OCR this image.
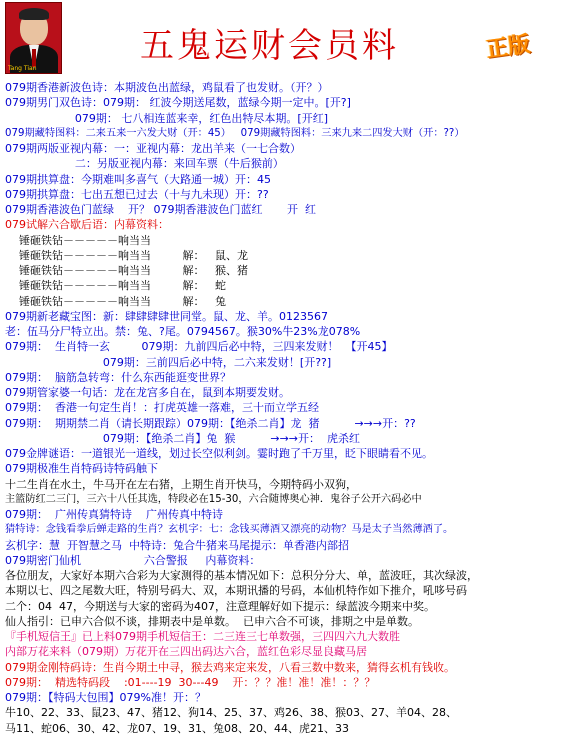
Tang Tian
五鬼运财会员料	正版
079期香港新波色诗：本期波色出蓝绿，鸡鼠看了也发财。（开？）
079期男门双色诗：079期： 红波今期送尾数，蓝绿今期一定中。[开?]
079期： 七八相连蓝来幸，红色出特尽本期。[开红]
079期藏特图料：二来五来一六发大财（开：45）   079期藏特图料：三来九来二四发大财（开：??）
079期两版亚视内幕：一：亚视内幕：龙出羊来（一七合数）
二：另版亚视内幕：来回车票（牛后猴前）
079期拱算盘：今期难叫多喜气（大路通一城）开：45
079期拱算盘：七出五想已过去（十与九未现）开：??
079期香港波色门蓝绿    开？ 079期香港波色门蓝红       开  红
079试解六合歇后语：内幕资料：
锤砸铁钻－－－－－响当当
锤砸铁钻－－－－－响当当         解：   鼠、龙
锤砸铁钻－－－－－响当当         解：   猴、猪
锤砸铁钻－－－－－响当当         解：   蛇
锤砸铁钻－－－－－响当当         解：   兔
079期新老藏宝图：新：肆肆肆肆世同堂。鼠、龙、羊。0123567
老：伍马分尸特立出。禁：兔、?尾。0794567。猴30%牛23%龙078%
079期：  生肖特一玄         079期：九前四后必中特，三四来发财！  【开45】
079期：三前四后必中特，二六来发财！[开??]
079期：  脑筋急转弯：什么东西能逛变世界？
079期管家婆一句话：龙在龙宫多自在，鼠到本期要发财。
079期：  香港一句定生肖！：打虎英雄一落难，三十而立学五经
079期：  期期禁二肖（请长期跟踪）079期：【绝杀二肖】龙  猪          →→→开：??
079期：【绝杀二肖】兔  猴          →→→开：  虎杀红
079金牌谜语：一道银光一道线，划过长空似利剑。霎时跑了千万里，眨下眼睛看不见。
079期极准生肖特码诗特码触下
十二生肖在水土，牛马开在左右猪，上期生肖开快马，今期特码小双狗，
主篮防红二三门，三六十八任其选，特段必在15-30，六合随博奥心神．鬼谷子公开六码必中
079期：  广州传真猜特诗    广州传真中特诗
猜特诗：念钱看拳后蝉走路的生肖？玄机字：七：念钱买薄酒又漂亮的动物？马是太子当然薄酒了。
玄机字：慧  开智慧之马  中特诗：兔合牛猪来马尾提示：单香港内部招
079期密门仙机                  六合警报     内幕资料：
各位朋友，大家好本期六合彩为大家测得的基本情况如下：总积分分大、单，蓝波旺，其次绿波，
本期以七、四之尾数大旺，特别号码大、双，本期讯播的号码，本仙机特作如下推介，吼哆号码
二个：04  47，今期送与大家的密码为407，注意理解好如下提示：绿蓝波今期来中奖。
仙人指引：已申六合似不谈，排期表中是单数。  已申六合不可谈，排期之中是单数。
『手机短信王』已上料079期手机短信王：二三连三七单数强，三四四六九大数胜
内部万花来料（079期）万花开在三四出码达六合，蓝红色彩尽显良藏马居
079期金刚特码诗：生肖今期土中寻，猴去鸡来定来发，八看三数中数来，猜得玄机有钱收。
079期：  精选特码段    :01----19  30---49    开：？？准！准！准！：？？
079期：【特码大包围】079%准！开：？
牛10、22、33、鼠23、47、猪12、狗14、25、37、鸡26、38、猴03、27、羊04、28、
马11、蛇06、30、42、龙07、19、31、兔08、20、44、虎21、33
